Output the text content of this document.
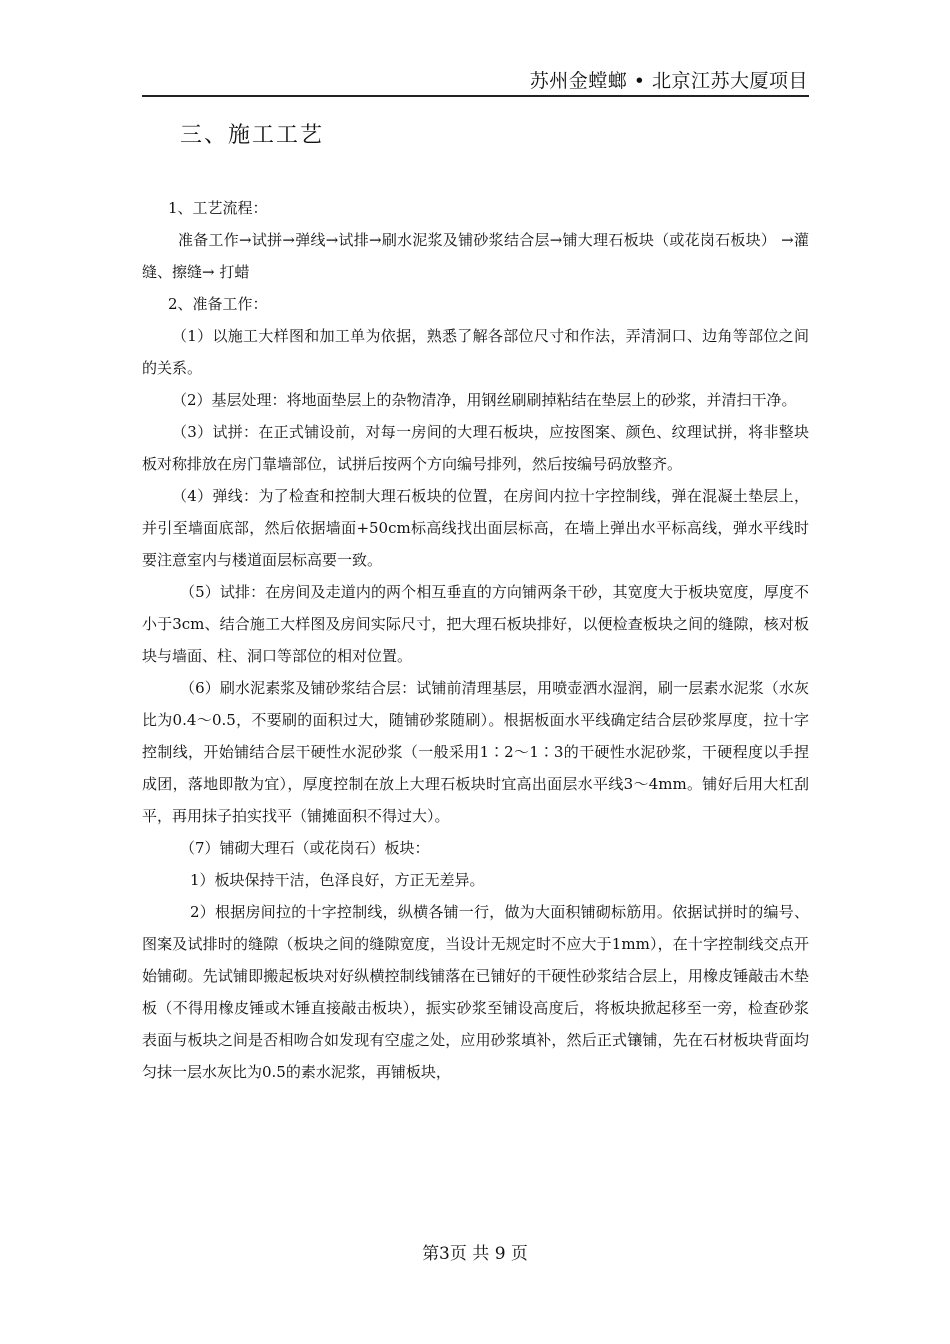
苏州金螳螂 • 北京江苏大厦项目
三、施工工艺

1、工艺流程：

准备工作→试拼→弹线→试排→刷水泥浆及铺砂浆结合层→铺大理石板块（或花岗石板块） →灌缝、擦缝→ 打蜡

2、准备工作：

（1）以施工大样图和加工单为依据，熟悉了解各部位尺寸和作法，弄清洞口、边角等部位之间的关系。

（2）基层处理：将地面垫层上的杂物清净，用钢丝刷刷掉粘结在垫层上的砂浆，并清扫干净。

（3）试拼：在正式铺设前，对每一房间的大理石板块，应按图案、颜色、纹理试拼，将非整块板对称排放在房门靠墙部位，试拼后按两个方向编号排列，然后按编号码放整齐。

（4）弹线：为了检查和控制大理石板块的位置，在房间内拉十字控制线，弹在混凝土垫层上，并引至墙面底部，然后依据墙面+50cm标高线找出面层标高，在墙上弹出水平标高线，弹水平线时要注意室内与楼道面层标高要一致。

（5）试排：在房间及走道内的两个相互垂直的方向铺两条干砂，其宽度大于板块宽度，厚度不小于3cm、结合施工大样图及房间实际尺寸，把大理石板块排好，以便检查板块之间的缝隙，核对板块与墙面、柱、洞口等部位的相对位置。

（6）刷水泥素浆及铺砂浆结合层：试铺前清理基层，用喷壶洒水湿润，刷一层素水泥浆（水灰比为0.4～0.5，不要刷的面积过大，随铺砂浆随刷）。根据板面水平线确定结合层砂浆厚度，拉十字控制线，开始铺结合层干硬性水泥砂浆（一般采用1∶2～1∶3的干硬性水泥砂浆，干硬程度以手捏成团，落地即散为宜），厚度控制在放上大理石板块时宜高出面层水平线3～4mm。铺好后用大杠刮平，再用抹子拍实找平（铺摊面积不得过大）。

（7）铺砌大理石（或花岗石）板块：

1）板块保持干洁，色泽良好，方正无差异。

2）根据房间拉的十字控制线，纵横各铺一行，做为大面积铺砌标筋用。依据试拼时的编号、图案及试排时的缝隙（板块之间的缝隙宽度，当设计无规定时不应大于1mm），在十字控制线交点开始铺砌。先试铺即搬起板块对好纵横控制线铺落在已铺好的干硬性砂浆结合层上，用橡皮锤敲击木垫板（不得用橡皮锤或木锤直接敲击板块），振实砂浆至铺设高度后，将板块掀起移至一旁，检查砂浆表面与板块之间是否相吻合如发现有空虚之处，应用砂浆填补，然后正式镶铺，先在石材板块背面均匀抹一层水灰比为0.5的素水泥浆，再铺板块，

第3页 共 9 页
